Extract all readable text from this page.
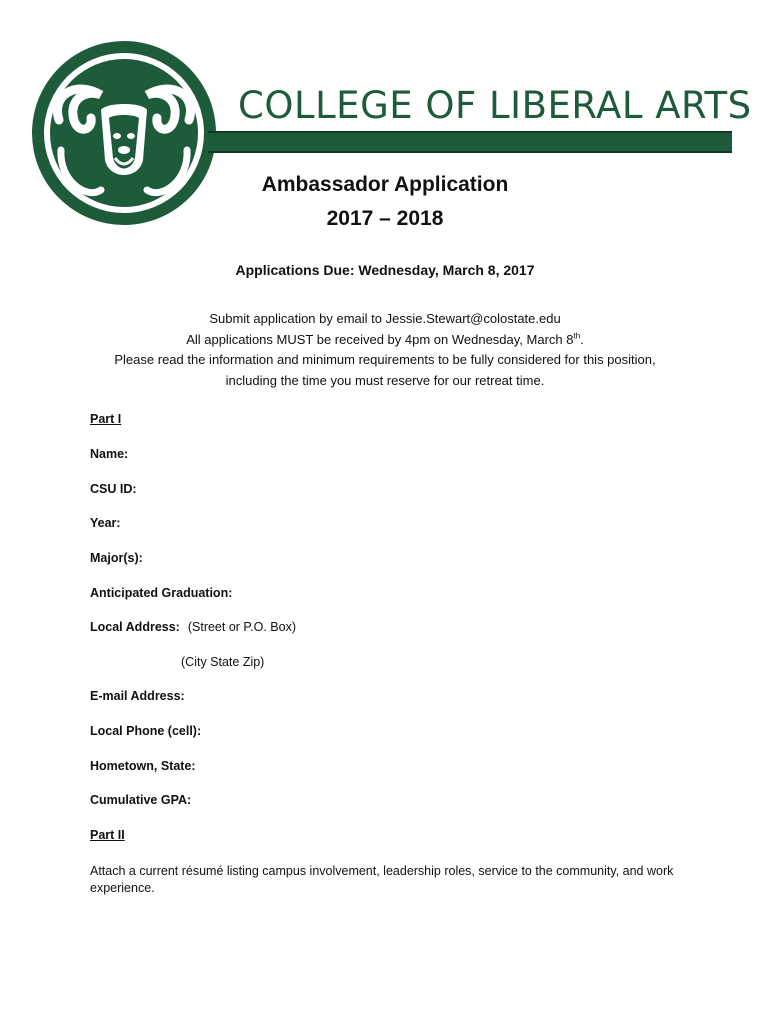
COLLEGE OF LIBERAL ARTS
Ambassador Application
2017 – 2018
Applications Due: Wednesday, March 8, 2017
Submit application by email to Jessie.Stewart@colostate.edu
All applications MUST be received by 4pm on Wednesday, March 8th.
Please read the information and minimum requirements to be fully considered for this position,
including the time you must reserve for our retreat time.
Part I
Name:
CSU ID:
Year:
Major(s):
Anticipated Graduation:
Local Address: (Street or P.O. Box)
(City State Zip)
E-mail Address:
Local Phone (cell):
Hometown, State:
Cumulative GPA:
Part II
Attach a current résumé listing campus involvement, leadership roles, service to the community, and work experience.
